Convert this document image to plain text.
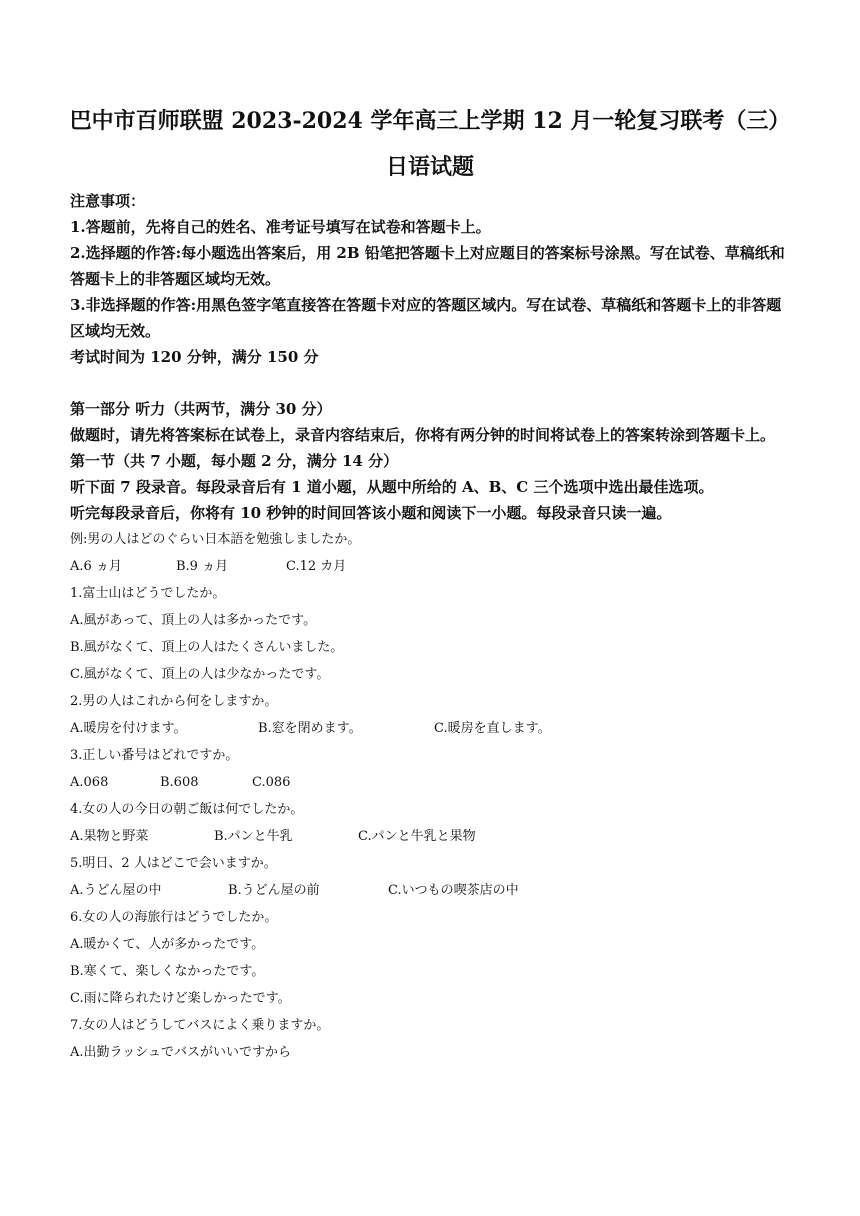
巴中市百师联盟 2023-2024 学年高三上学期 12 月一轮复习联考（三）
日语试题

注意事项：

1.答题前，先将自己的姓名、准考证号填写在试卷和答题卡上。

2.选择题的作答:每小题选出答案后，用 2B 铅笔把答题卡上对应题目的答案标号涂黑。写在试卷、草稿纸和答题卡上的非答题区域均无效。

3.非选择题的作答:用黑色签字笔直接答在答题卡对应的答题区域内。写在试卷、草稿纸和答题卡上的非答题区域均无效。

考试时间为 120 分钟，满分 150 分

第一部分 听力（共两节，满分 30 分）

做题时，请先将答案标在试卷上，录音内容结束后，你将有两分钟的时间将试卷上的答案转涂到答题卡上。

第一节（共 7 小题，每小题 2 分，满分 14 分）

听下面 7 段录音。每段录音后有 1 道小题，从题中所给的 A、B、C 三个选项中选出最佳选项。

听完每段录音后，你将有 10 秒钟的时间回答该小题和阅读下一小题。每段录音只读一遍。

例:男の人はどのぐらい日本語を勉強しましたか。

A.6 ヵ月	B.9 ヵ月	C.12 カ月

1.富士山はどうでしたか。

A.風があって、頂上の人は多かったです。

B.風がなくて、頂上の人はたくさんいました。

C.風がなくて、頂上の人は少なかったです。

2.男の人はこれから何をしますか。

A.暖房を付けます。	B.窓を閉めます。	C.暖房を直します。

3.正しい番号はどれですか。

A.068	B.608	C.086

4.女の人の今日の朝ご飯は何でしたか。

A.果物と野菜	B.パンと牛乳	C.パンと牛乳と果物

5.明日、2 人はどこで会いますか。

A.うどん屋の中	B.うどん屋の前	C.いつもの喫茶店の中

6.女の人の海旅行はどうでしたか。

A.暖かくて、人が多かったです。

B.寒くて、楽しくなかったです。

C.雨に降られたけど楽しかったです。

7.女の人はどうしてバスによく乗りますか。

A.出勤ラッシュでバスがいいですから
